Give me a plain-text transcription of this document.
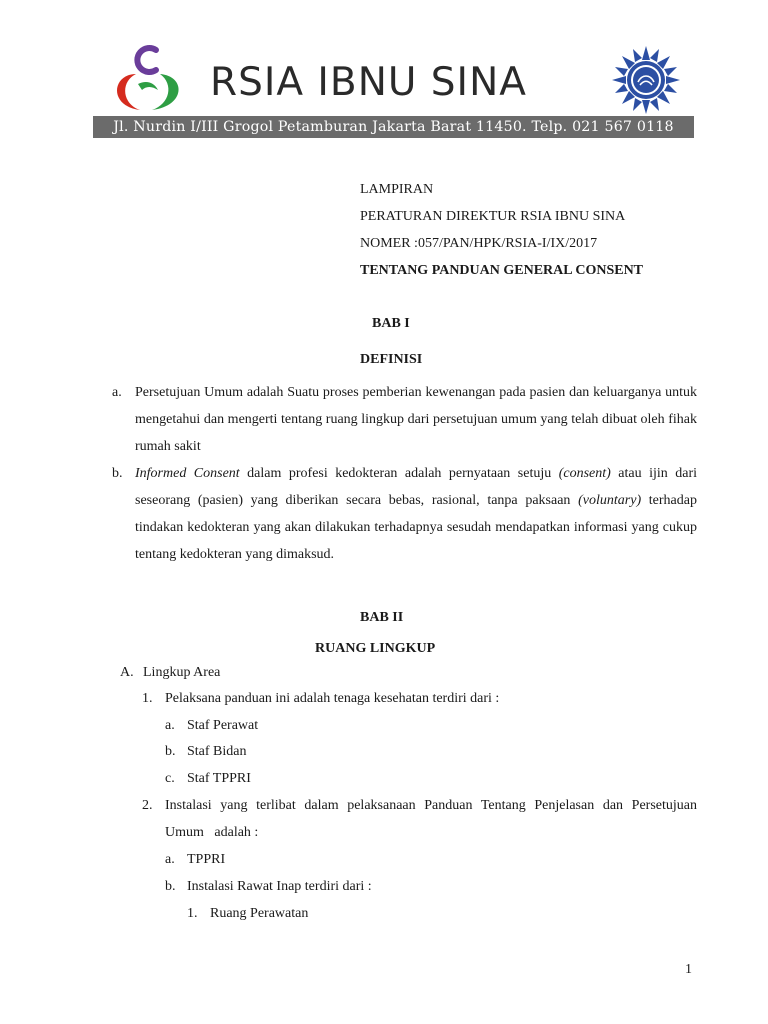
RSIA IBNU SINA
Jl. Nurdin I/III Grogol Petamburan Jakarta Barat 11450. Telp. 021 567 0118
LAMPIRAN
PERATURAN DIREKTUR RSIA IBNU SINA
NOMER :057/PAN/HPK/RSIA-I/IX/2017
TENTANG PANDUAN GENERAL CONSENT
BAB I
DEFINISI
a. Persetujuan Umum adalah Suatu proses pemberian kewenangan pada pasien dan keluarganya untuk mengetahui dan mengerti tentang ruang lingkup dari persetujuan umum yang telah dibuat oleh fihak rumah sakit
b. Informed Consent dalam profesi kedokteran adalah pernyataan setuju (consent) atau ijin dari seseorang (pasien) yang diberikan secara bebas, rasional, tanpa paksaan (voluntary) terhadap tindakan kedokteran yang akan dilakukan terhadapnya sesudah mendapatkan informasi yang cukup tentang kedokteran yang dimaksud.
BAB II
RUANG LINGKUP
A. Lingkup Area
1. Pelaksana panduan ini adalah tenaga kesehatan terdiri dari :
a. Staf Perawat
b. Staf Bidan
c. Staf TPPRI
2. Instalasi yang terlibat dalam pelaksanaan Panduan Tentang Penjelasan dan Persetujuan
Umum   adalah :
a. TPPRI
b. Instalasi Rawat Inap terdiri dari :
1. Ruang Perawatan
1
